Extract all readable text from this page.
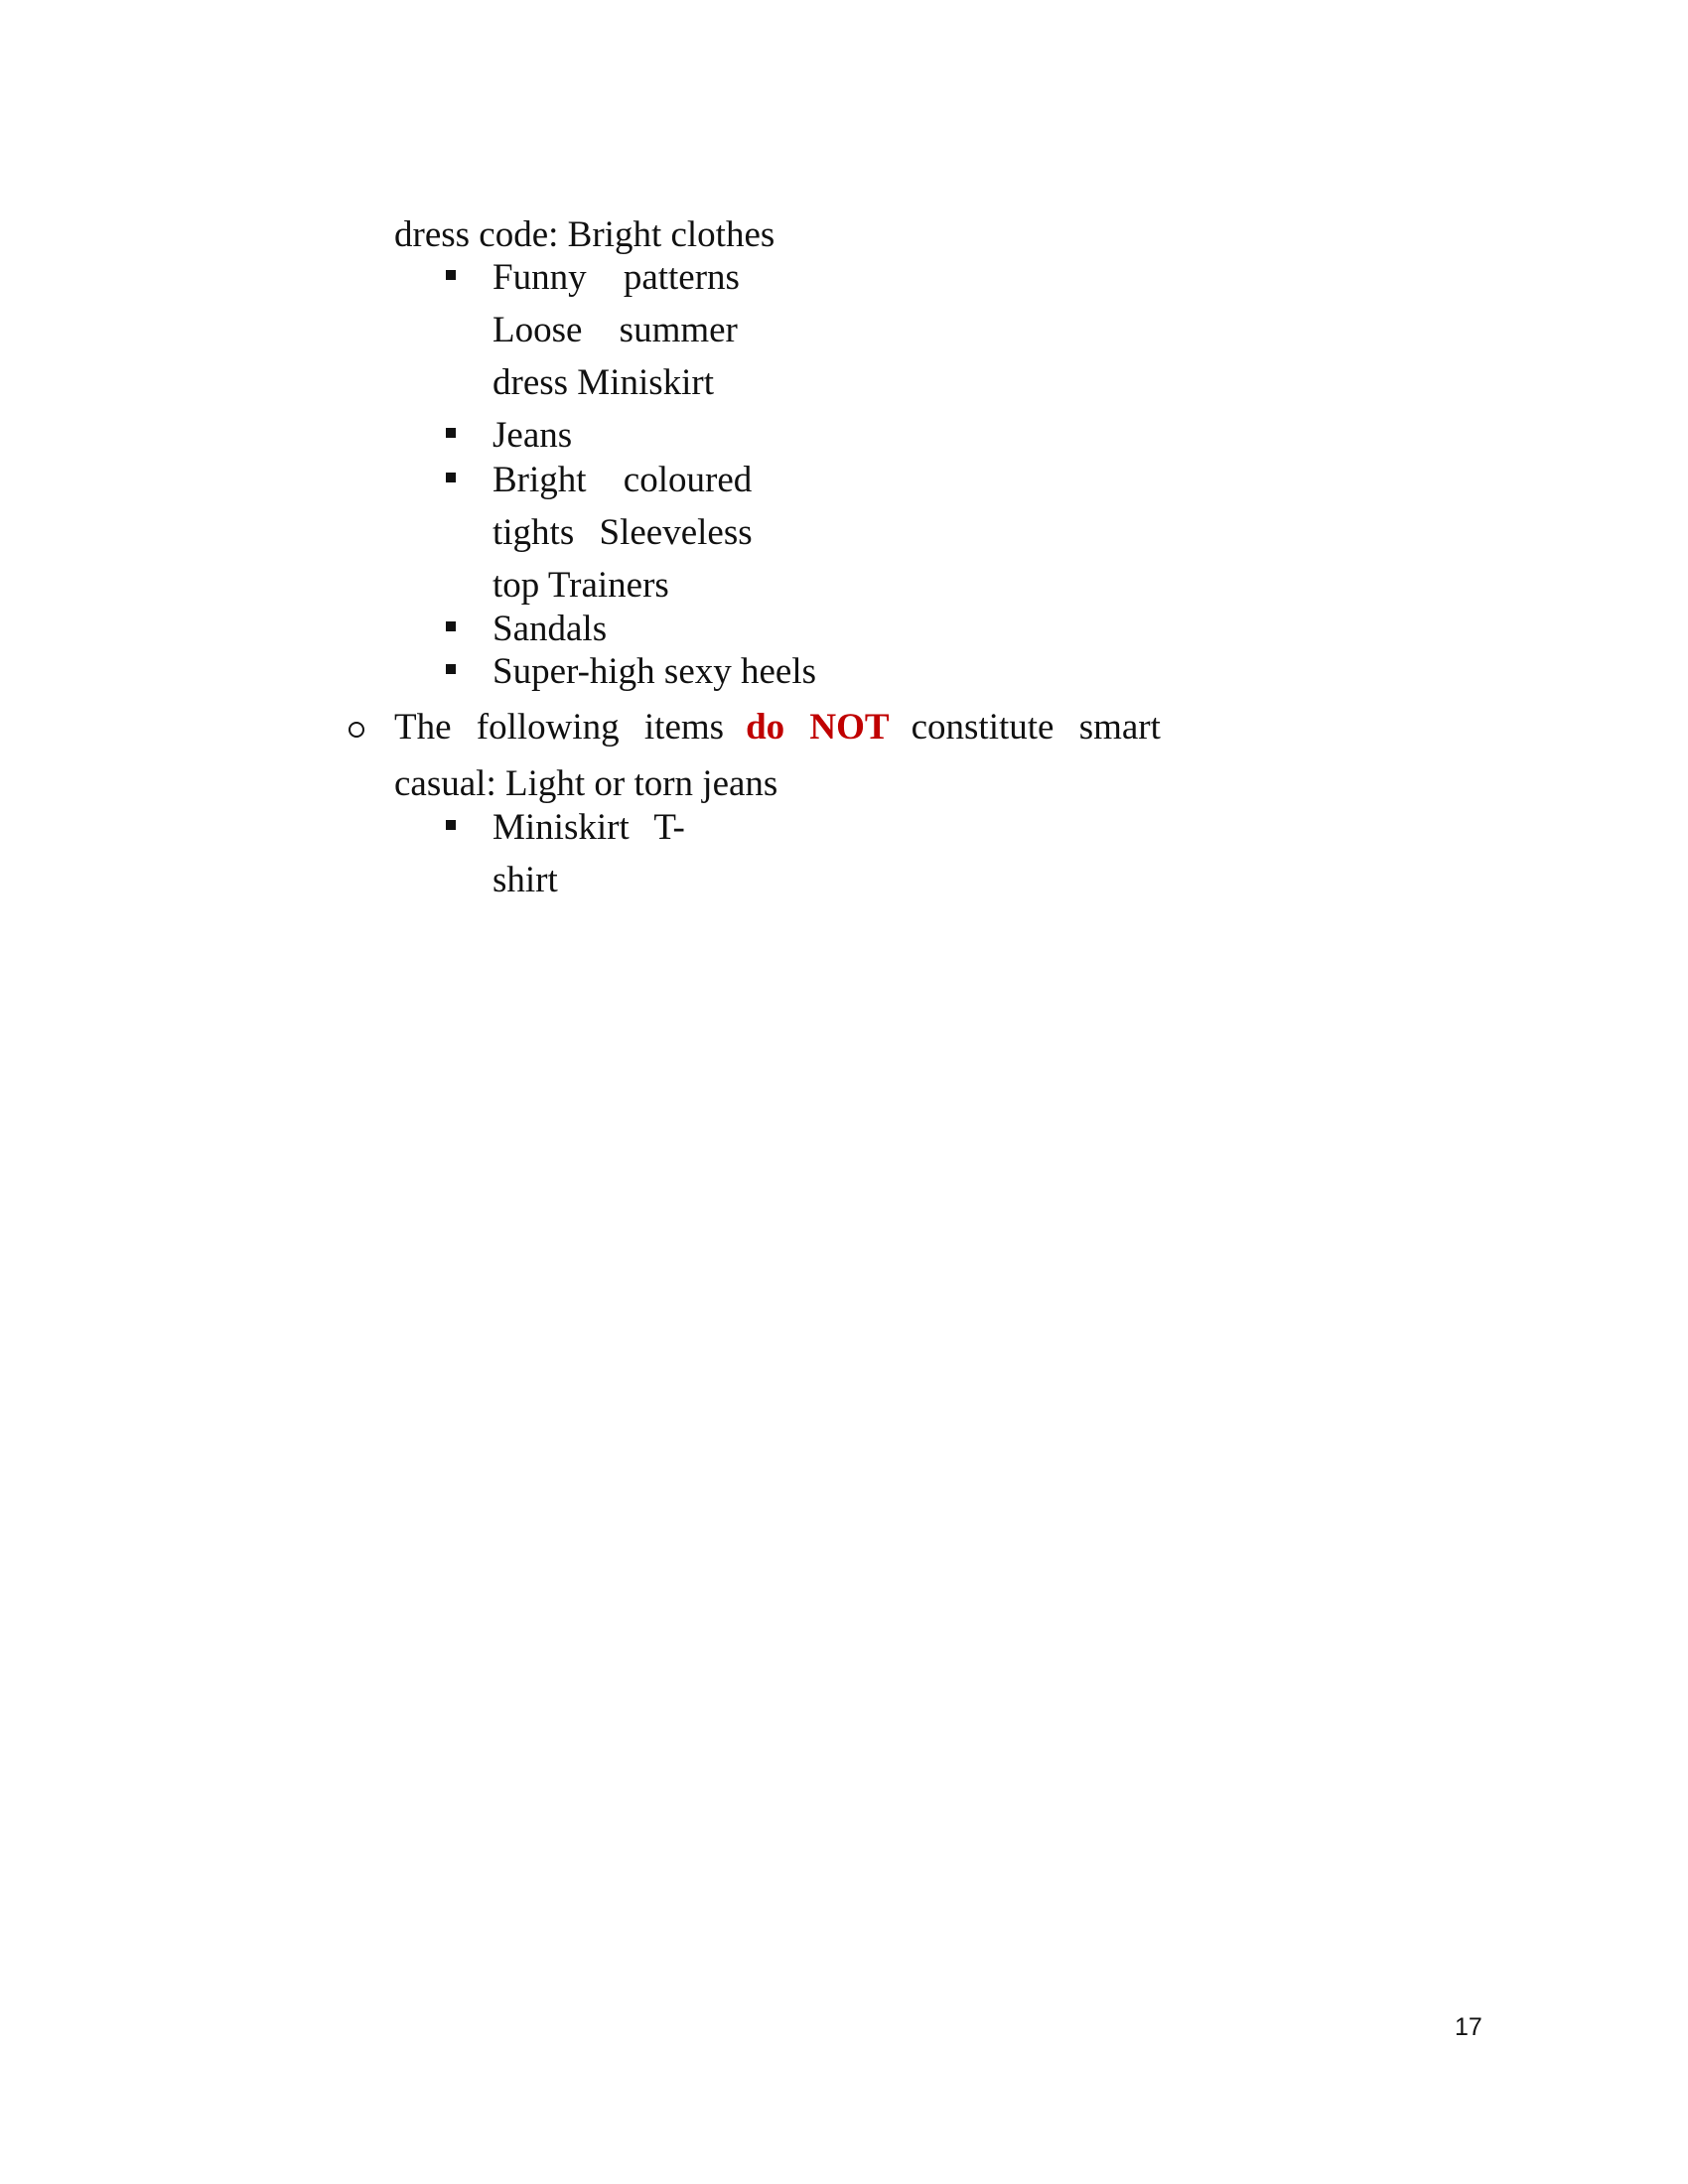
dress code: Bright clothes
Funny patterns
Loose summer
dress Miniskirt
Jeans
Bright coloured
tights Sleeveless
top Trainers
Sandals
Super-high sexy heels
The following items do NOT constitute smart
casual: Light or torn jeans
Miniskirt T-
shirt
17
